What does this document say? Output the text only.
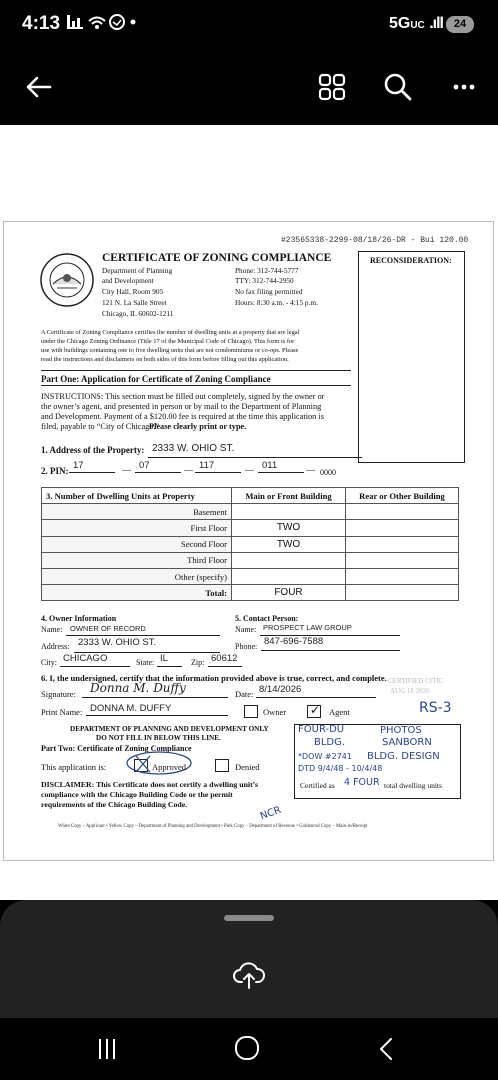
4:13	5GUC .ıll 24
#23565338-2299-08/18/26-DR - Bui 120.00
CERTIFICATE OF ZONING COMPLIANCE
Department of Planning
and Development
City Hall, Room 905
121 N. La Salle Street
Chicago, IL 60602-1211
Phone: 312-744-5777
TTY: 312-744-2950
No fax filing permitted
Hours: 8:30 a.m. - 4:15 p.m.
RECONSIDERATION:
A Certificate of Zoning Compliance certifies the number of dwelling units at a property that are legal
under the Chicago Zoning Ordinance (Title 17 of the Municipal Code of Chicago). This form is for
use with buildings containing one to five dwelling units that are not condominiums or co-ops. Please
read the instructions and disclaimers on both sides of this form before filling out this application.
Part One: Application for Certificate of Zoning Compliance
INSTRUCTIONS: This section must be filled out completely, signed by the owner or
the owner’s agent, and presented in person or by mail to the Department of Planning
and Development. Payment of a $120.00 fee is required at the time this application is
filed, payable to “City of Chicago.”
Please clearly print or type.
1. Address of the Property: 2333 W. OHIO ST.
2. PIN: 17	— 07	— 117	— 011	— 0000
3. Number of Dwelling Units at Property	Main or Front Building	Rear or Other Building
Basement		
First Floor	TWO	
Second Floor	TWO	
Third Floor		
Other (specify)		
Total:	FOUR	
4. Owner Information
Name: OWNER OF RECORD
Address: 2333 W. OHIO ST.
City: CHICAGO	State: IL	Zip: 60612
5. Contact Person:
Name: PROSPECT LAW GROUP
Phone: 847-696-7588
6. I, the undersigned, certify that the information provided above is true, correct, and complete.
Signature: Donna M. Duffy	Date: 8/14/2026
Print Name: DONNA M. DUFFY	Owner ✓ Agent
CERTIFIED CITIC
AUG 18 2026
RS-3
DEPARTMENT OF PLANNING AND DEVELOPMENT ONLY
DO NOT FILL IN BELOW THIS LINE.
Part Two: Certificate of Zoning Compliance
This application is:	Approved	Denied
DISCLAIMER: This Certificate does not certify a dwelling unit’s
compliance with the Chicago Building Code or the permit
requirements of the Chicago Building Code.
FOUR-DU
BLDG.
PHOTOS
SANBORN
*DOW #2741 BLDG. DESIGN
DTD 9/4/48 - 10/4/48
Certified as 4 FOUR total dwelling units
NCR
White Copy – Applicant • Yellow Copy – Department of Planning and Development • Pink Copy – Department of Revenue • Goldenrod Copy – Main-in/Receipt
